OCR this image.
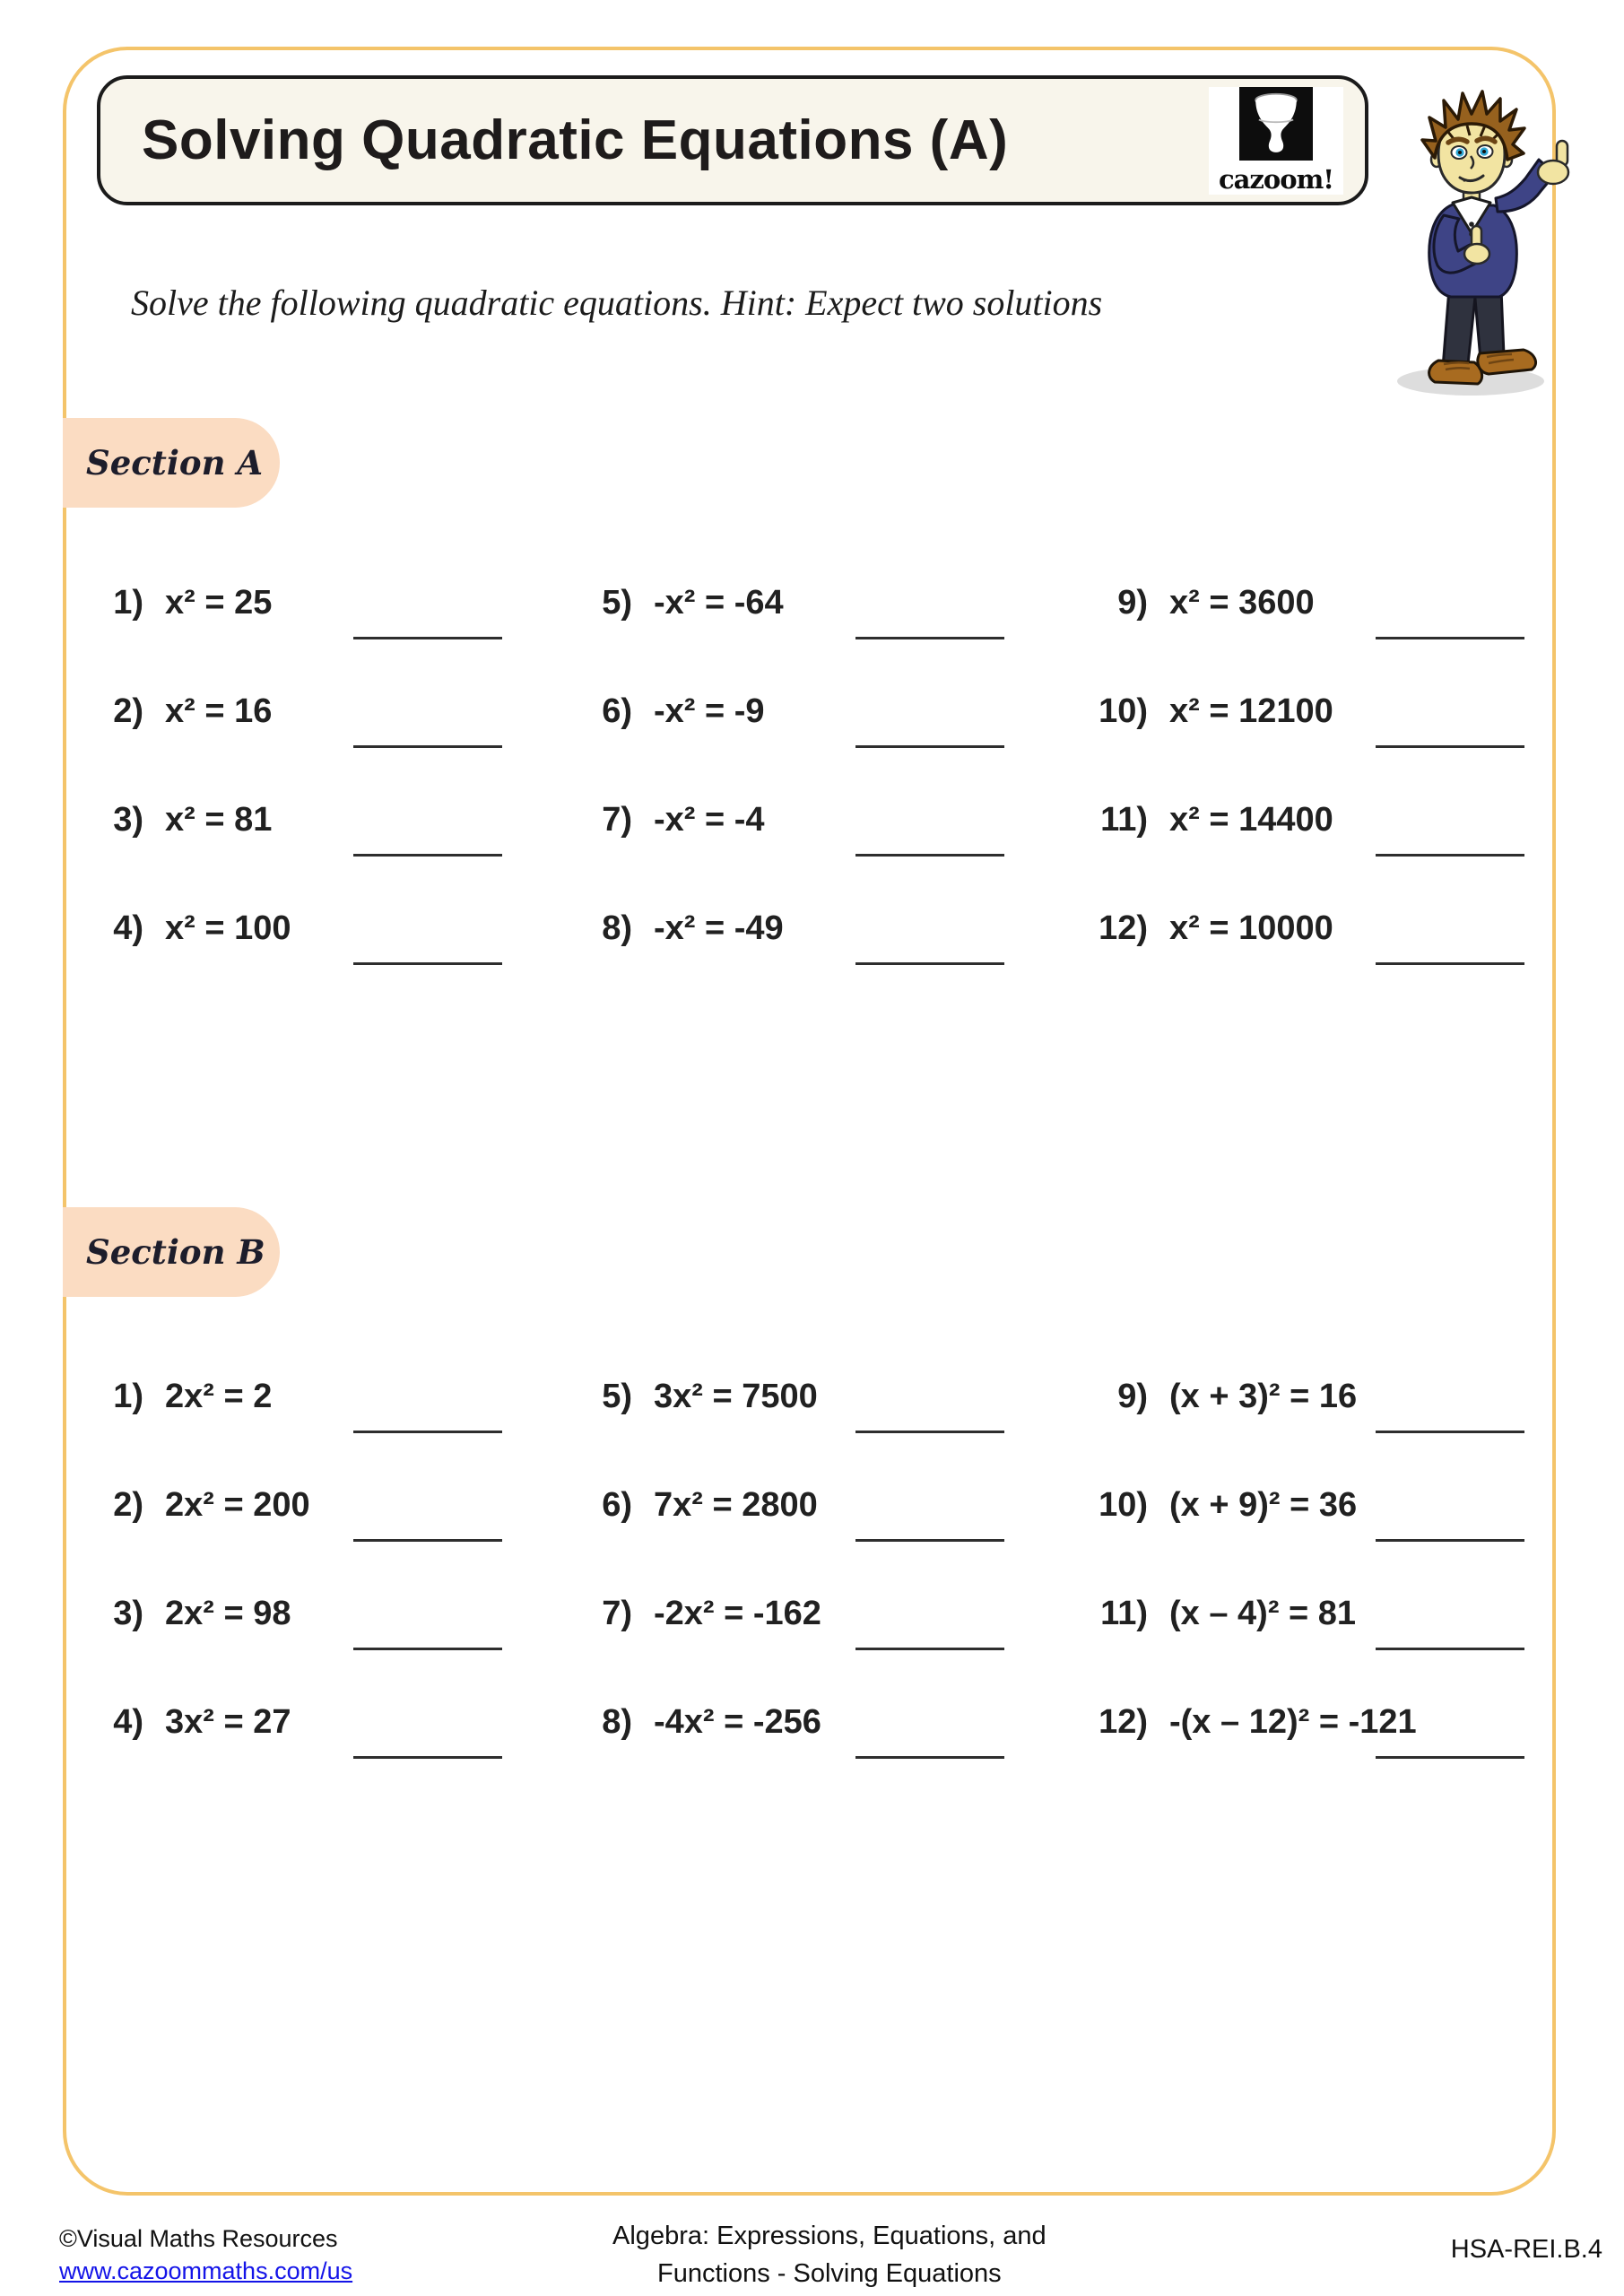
Solving Quadratic Equations (A)
cazoom!
Solve the following quadratic equations. Hint: Expect two solutions
Section A
1) x² = 25
2) x² = 16
3) x² = 81
4) x² = 100
5) -x² = -64
6) -x² = -9
7) -x² = -4
8) -x² = -49
9) x² = 3600
10) x² = 12100
11) x² = 14400
12) x² = 10000
Section B
1) 2x² = 2
2) 2x² = 200
3) 2x² = 98
4) 3x² = 27
5) 3x² = 7500
6) 7x² = 2800
7) -2x² = -162
8) -4x² = -256
9) (x + 3)² = 16
10) (x + 9)² = 36
11) (x – 4)² = 81
12) -(x – 12)² = -121
©Visual Maths Resources
www.cazoommaths.com/us
Algebra: Expressions, Equations, and
Functions - Solving Equations
HSA-REI.B.4
